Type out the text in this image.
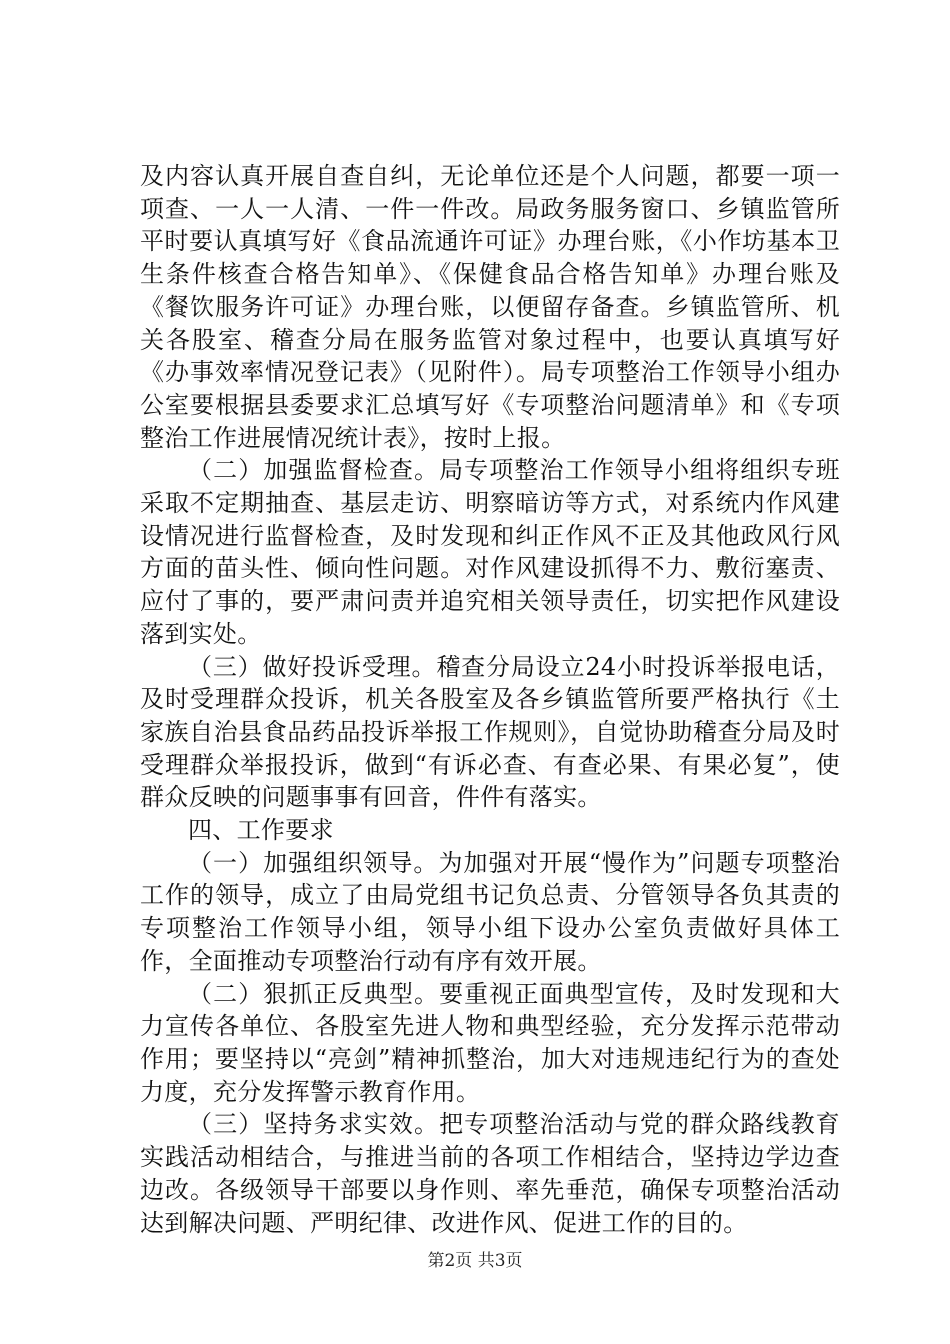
及内容认真开展自查自纠，无论单位还是个人问题，都要一项一项查、一人一人清、一件一件改。局政务服务窗口、乡镇监管所平时要认真填写好《食品流通许可证》办理台账，《小作坊基本卫生条件核查合格告知单》、《保健食品合格告知单》办理台账及《餐饮服务许可证》办理台账，以便留存备查。乡镇监管所、机关各股室、稽查分局在服务监管对象过程中，也要认真填写好《办事效率情况登记表》（见附件）。局专项整治工作领导小组办公室要根据县委要求汇总填写好《专项整治问题清单》和《专项整治工作进展情况统计表》，按时上报。

（二）加强监督检查。局专项整治工作领导小组将组织专班采取不定期抽查、基层走访、明察暗访等方式，对系统内作风建设情况进行监督检查，及时发现和纠正作风不正及其他政风行风方面的苗头性、倾向性问题。对作风建设抓得不力、敷衍塞责、应付了事的，要严肃问责并追究相关领导责任，切实把作风建设落到实处。

（三）做好投诉受理。稽查分局设立24小时投诉举报电话，及时受理群众投诉，机关各股室及各乡镇监管所要严格执行《土家族自治县食品药品投诉举报工作规则》，自觉协助稽查分局及时受理群众举报投诉，做到“有诉必查、有查必果、有果必复”，使群众反映的问题事事有回音，件件有落实。

四、工作要求

（一）加强组织领导。为加强对开展“慢作为”问题专项整治工作的领导，成立了由局党组书记负总责、分管领导各负其责的专项整治工作领导小组，领导小组下设办公室负责做好具体工作，全面推动专项整治行动有序有效开展。

（二）狠抓正反典型。要重视正面典型宣传，及时发现和大力宣传各单位、各股室先进人物和典型经验，充分发挥示范带动作用；要坚持以“亮剑”精神抓整治，加大对违规违纪行为的查处力度，充分发挥警示教育作用。

（三）坚持务求实效。把专项整治活动与党的群众路线教育实践活动相结合，与推进当前的各项工作相结合，坚持边学边查边改。各级领导干部要以身作则、率先垂范，确保专项整治活动达到解决问题、严明纪律、改进作风、促进工作的目的。

第2页 共3页
